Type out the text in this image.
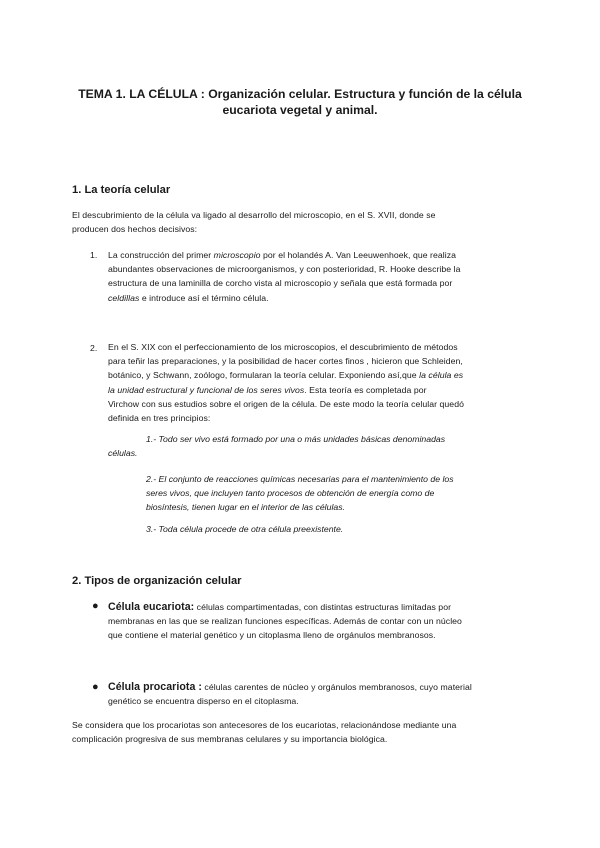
TEMA 1. LA CÉLULA : Organización celular. Estructura y función de la célula
eucariota vegetal y animal.
1. La teoría celular
El descubrimiento de la célula va ligado al desarrollo del microscopio, en el S. XVII, donde se
producen dos hechos decisivos:
1. La construcción del primer microscopio por el holandés A. Van Leeuwenhoek, que realiza
abundantes observaciones de microorganismos, y con posterioridad, R. Hooke describe la
estructura de una laminilla de corcho vista al microscopio y señala que está formada por
celdillas e introduce así el término célula.
2. En el S. XIX con el perfeccionamiento de los microscopios, el descubrimiento de métodos
para teñir las preparaciones, y la posibilidad de hacer cortes finos , hicieron que Schleiden,
botánico, y Schwann, zoólogo, formularan la teoría celular. Exponiendo así,que la célula es
la unidad estructural y funcional de los seres vivos. Esta teoría es completada por
Virchow con sus estudios sobre el origen de la célula. De este modo la teoría celular quedó
definida en tres principios:
1.- Todo ser vivo está formado por una o más unidades básicas denominadas
células.
2.- El conjunto de reacciones químicas necesarias para el mantenimiento de los
seres vivos, que incluyen tanto procesos de obtención de energía como de
biosíntesis, tienen lugar en el interior de las células.
3.- Toda célula procede de otra célula preexistente.
2. Tipos de organización celular
● Célula eucariota: células compartimentadas, con distintas estructuras limitadas por
membranas en las que se realizan funciones específicas. Además de contar con un núcleo
que contiene el material genético y un citoplasma lleno de orgánulos membranosos.
● Célula procariota : células carentes de núcleo y orgánulos membranosos, cuyo material
genético se encuentra disperso en el citoplasma.
Se considera que los procariotas son antecesores de los eucariotas, relacionándose mediante una
complicación progresiva de sus membranas celulares y su importancia biológica.
